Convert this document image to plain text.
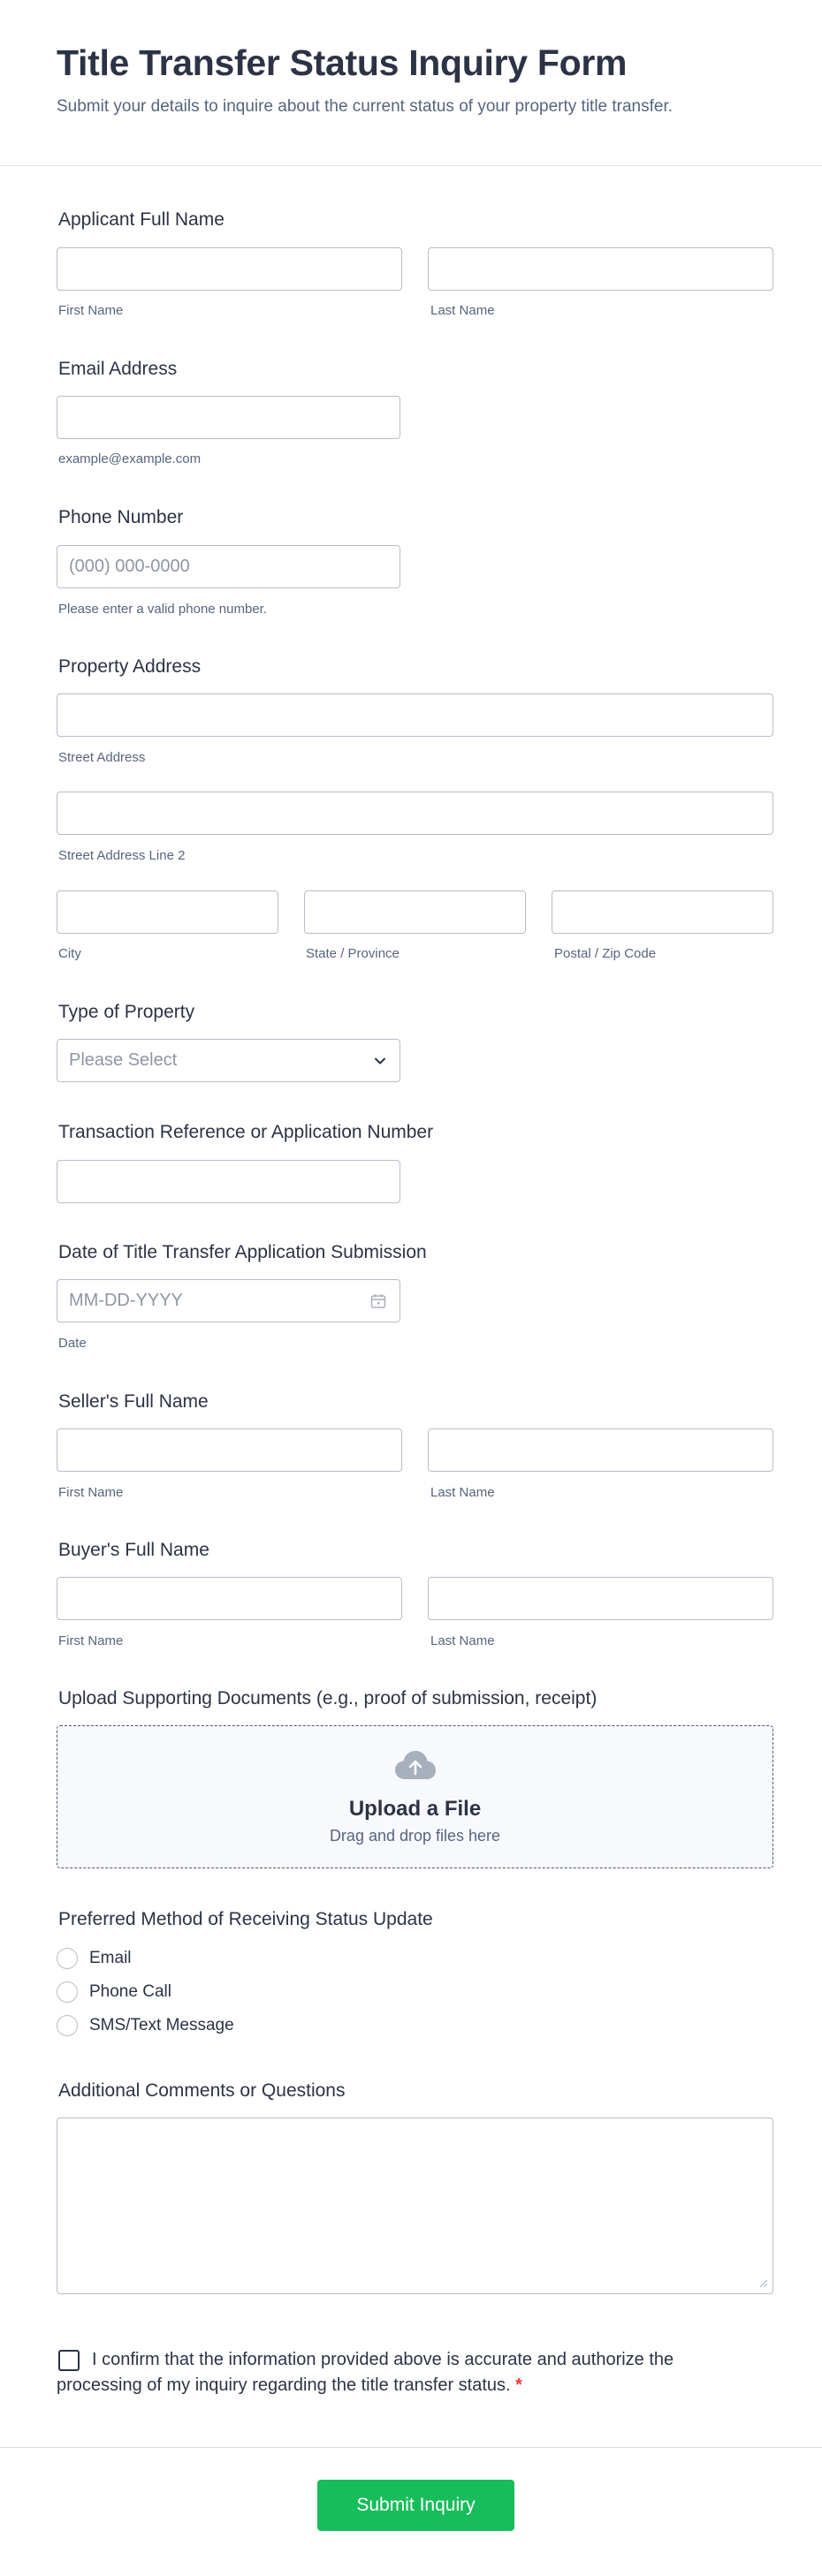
Title Transfer Status Inquiry Form
Submit your details to inquire about the current status of your property title transfer.
Applicant Full Name
First Name	Last Name
Email Address
example@example.com
Phone Number
(000) 000-0000
Please enter a valid phone number.
Property Address
Street Address
Street Address Line 2
City	State / Province	Postal / Zip Code
Type of Property
Please Select
Transaction Reference or Application Number
Date of Title Transfer Application Submission
MM-DD-YYYY
Date
Seller's Full Name
First Name	Last Name
Buyer's Full Name
First Name	Last Name
Upload Supporting Documents (e.g., proof of submission, receipt)
Upload a File
Drag and drop files here
Preferred Method of Receiving Status Update
Email
Phone Call
SMS/Text Message
Additional Comments or Questions
I confirm that the information provided above is accurate and authorize the processing of my inquiry regarding the title transfer status. *
Submit Inquiry
